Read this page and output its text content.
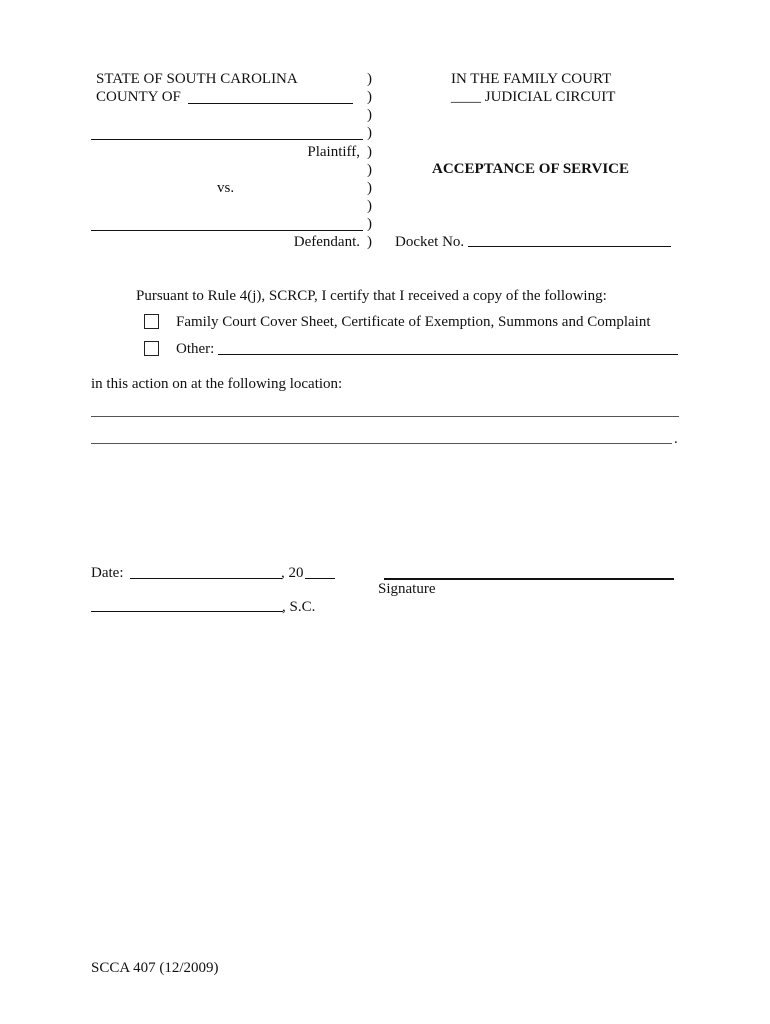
STATE OF SOUTH CAROLINA
COUNTY OF
Plaintiff,
vs.
Defendant.
)
)
)
)
)
)
)
)
)
)
IN THE FAMILY COURT
____ JUDICIAL CIRCUIT
ACCEPTANCE OF SERVICE
Docket No.
Pursuant to Rule 4(j), SCRCP, I certify that I received a copy of the following:
Family Court Cover Sheet, Certificate of Exemption, Summons and Complaint
Other:
in this action on at the following location:
.
Date:	, 20
Signature
, S.C.
SCCA 407 (12/2009)
